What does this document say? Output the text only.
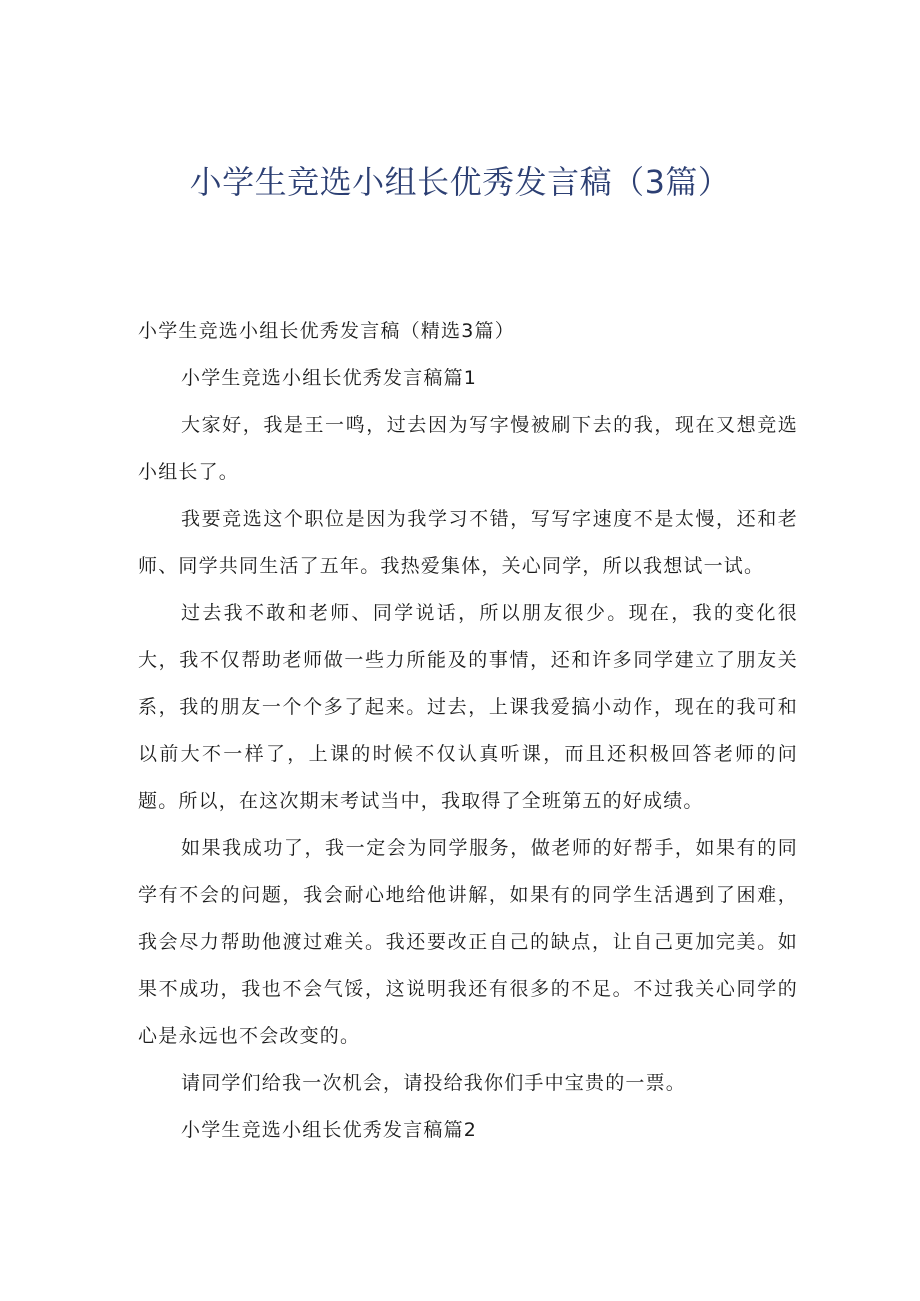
小学生竞选小组长优秀发言稿（3篇）

小学生竞选小组长优秀发言稿（精选3篇）

小学生竞选小组长优秀发言稿篇1

大家好，我是王一鸣，过去因为写字慢被刷下去的我，现在又想竞选小组长了。

我要竞选这个职位是因为我学习不错，写写字速度不是太慢，还和老师、同学共同生活了五年。我热爱集体，关心同学，所以我想试一试。

过去我不敢和老师、同学说话，所以朋友很少。现在，我的变化很大，我不仅帮助老师做一些力所能及的事情，还和许多同学建立了朋友关系，我的朋友一个个多了起来。过去，上课我爱搞小动作，现在的我可和以前大不一样了，上课的时候不仅认真听课，而且还积极回答老师的问题。所以，在这次期末考试当中，我取得了全班第五的好成绩。

如果我成功了，我一定会为同学服务，做老师的好帮手，如果有的同学有不会的问题，我会耐心地给他讲解，如果有的同学生活遇到了困难，我会尽力帮助他渡过难关。我还要改正自己的缺点，让自己更加完美。如果不成功，我也不会气馁，这说明我还有很多的不足。不过我关心同学的心是永远也不会改变的。

请同学们给我一次机会，请投给我你们手中宝贵的一票。

小学生竞选小组长优秀发言稿篇2
